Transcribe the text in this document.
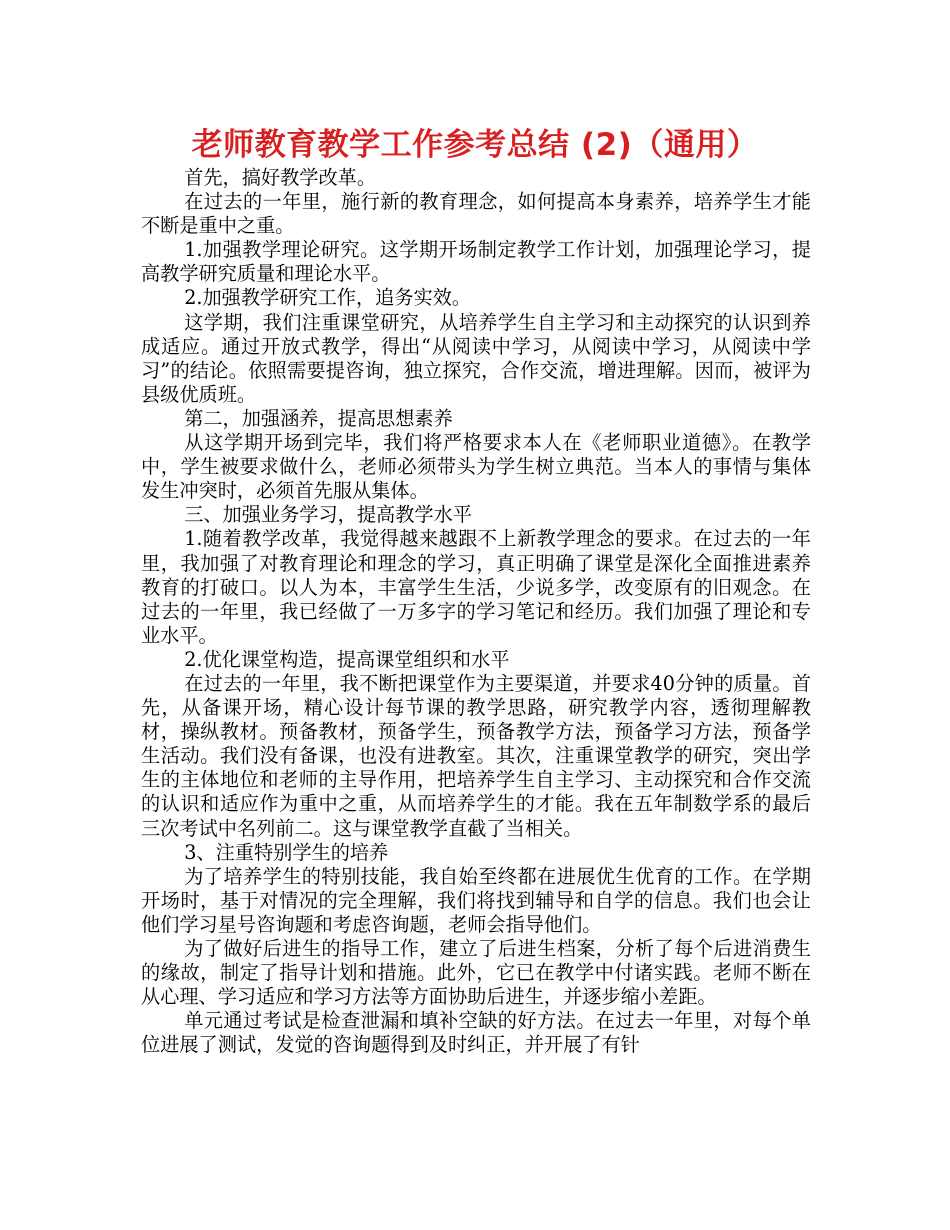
老师教育教学工作参考总结 (2)（通用）

首先，搞好教学改革。

在过去的一年里，施行新的教育理念，如何提高本身素养，培养学生才能不断是重中之重。

1.加强教学理论研究。这学期开场制定教学工作计划，加强理论学习，提高教学研究质量和理论水平。

2.加强教学研究工作，追务实效。

这学期，我们注重课堂研究，从培养学生自主学习和主动探究的认识到养成适应。通过开放式教学，得出“从阅读中学习，从阅读中学习，从阅读中学习”的结论。依照需要提咨询，独立探究，合作交流，增进理解。因而，被评为县级优质班。

第二，加强涵养，提高思想素养

从这学期开场到完毕，我们将严格要求本人在《老师职业道德》。在教学中，学生被要求做什么，老师必须带头为学生树立典范。当本人的事情与集体发生冲突时，必须首先服从集体。

三、加强业务学习，提高教学水平

1.随着教学改革，我觉得越来越跟不上新教学理念的要求。在过去的一年里，我加强了对教育理论和理念的学习，真正明确了课堂是深化全面推进素养教育的打破口。以人为本，丰富学生生活，少说多学，改变原有的旧观念。在过去的一年里，我已经做了一万多字的学习笔记和经历。我们加强了理论和专业水平。

2.优化课堂构造，提高课堂组织和水平

在过去的一年里，我不断把课堂作为主要渠道，并要求40分钟的质量。首先，从备课开场，精心设计每节课的教学思路，研究教学内容，透彻理解教材，操纵教材。预备教材，预备学生，预备教学方法，预备学习方法，预备学生活动。我们没有备课，也没有进教室。其次，注重课堂教学的研究，突出学生的主体地位和老师的主导作用，把培养学生自主学习、主动探究和合作交流的认识和适应作为重中之重，从而培养学生的才能。我在五年制数学系的最后三次考试中名列前二。这与课堂教学直截了当相关。

3、注重特别学生的培养

为了培养学生的特别技能，我自始至终都在进展优生优育的工作。在学期开场时，基于对情况的完全理解，我们将找到辅导和自学的信息。我们也会让他们学习星号咨询题和考虑咨询题，老师会指导他们。

为了做好后进生的指导工作，建立了后进生档案，分析了每个后进消费生的缘故，制定了指导计划和措施。此外，它已在教学中付诸实践。老师不断在从心理、学习适应和学习方法等方面协助后进生，并逐步缩小差距。

单元通过考试是检查泄漏和填补空缺的好方法。在过去一年里，对每个单位进展了测试，发觉的咨询题得到及时纠正，并开展了有针
